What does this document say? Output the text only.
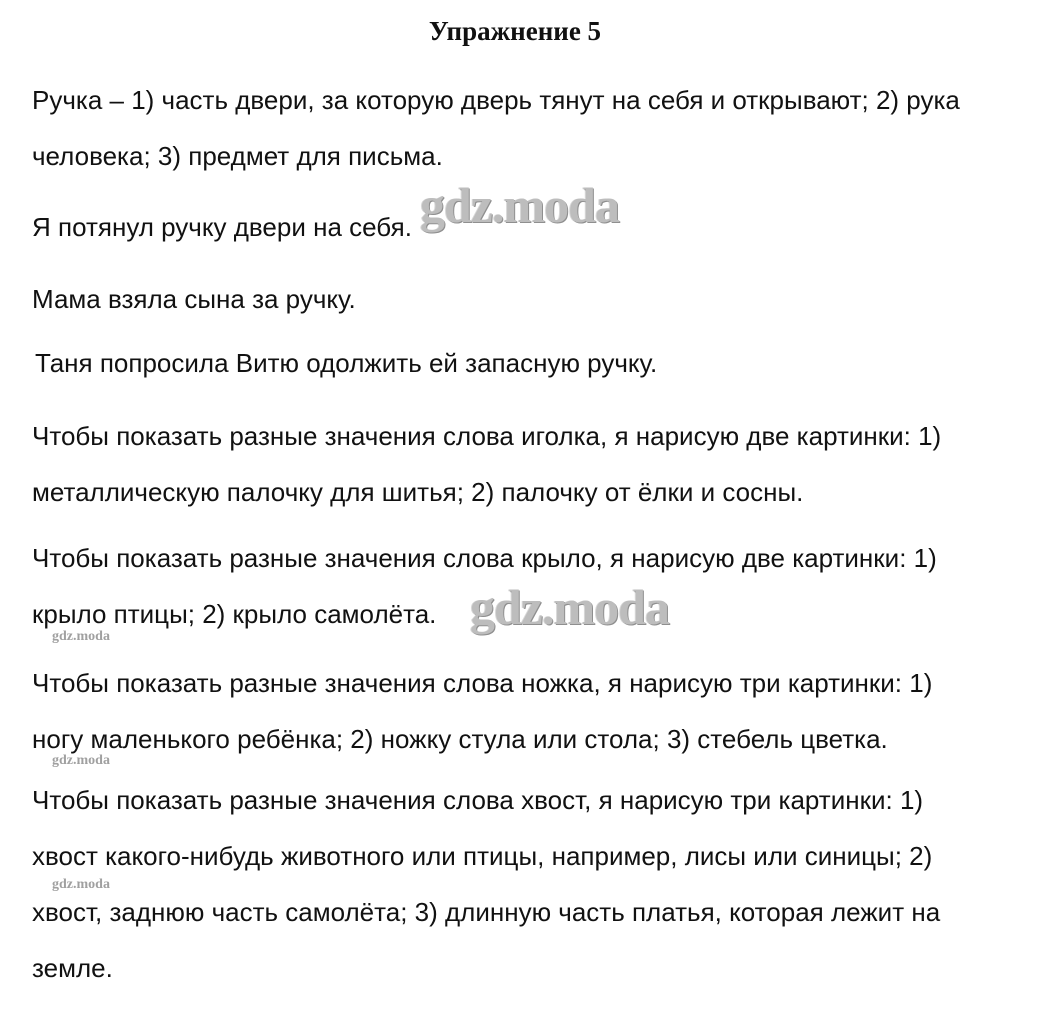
Упражнение 5
Ручка – 1) часть двери, за которую дверь тянут на себя и открывают; 2) рука
человека; 3) предмет для письма.
Я потянул ручку двери на себя.
Мама взяла сына за ручку.
Таня попросила Витю одолжить ей запасную ручку.
Чтобы показать разные значения слова иголка, я нарисую две картинки: 1)
металлическую палочку для шитья; 2) палочку от ёлки и сосны.
Чтобы показать разные значения слова крыло, я нарисую две картинки: 1)
крыло птицы; 2) крыло самолёта.
Чтобы показать разные значения слова ножка, я нарисую три картинки: 1)
ногу маленького ребёнка; 2) ножку стула или стола; 3) стебель цветка.
Чтобы показать разные значения слова хвост, я нарисую три картинки: 1)
хвост какого-нибудь животного или птицы, например, лисы или синицы; 2)
хвост, заднюю часть самолёта; 3) длинную часть платья, которая лежит на
земле.
gdz.moda
gdz.moda
gdz.moda
gdz.moda
gdz.moda
